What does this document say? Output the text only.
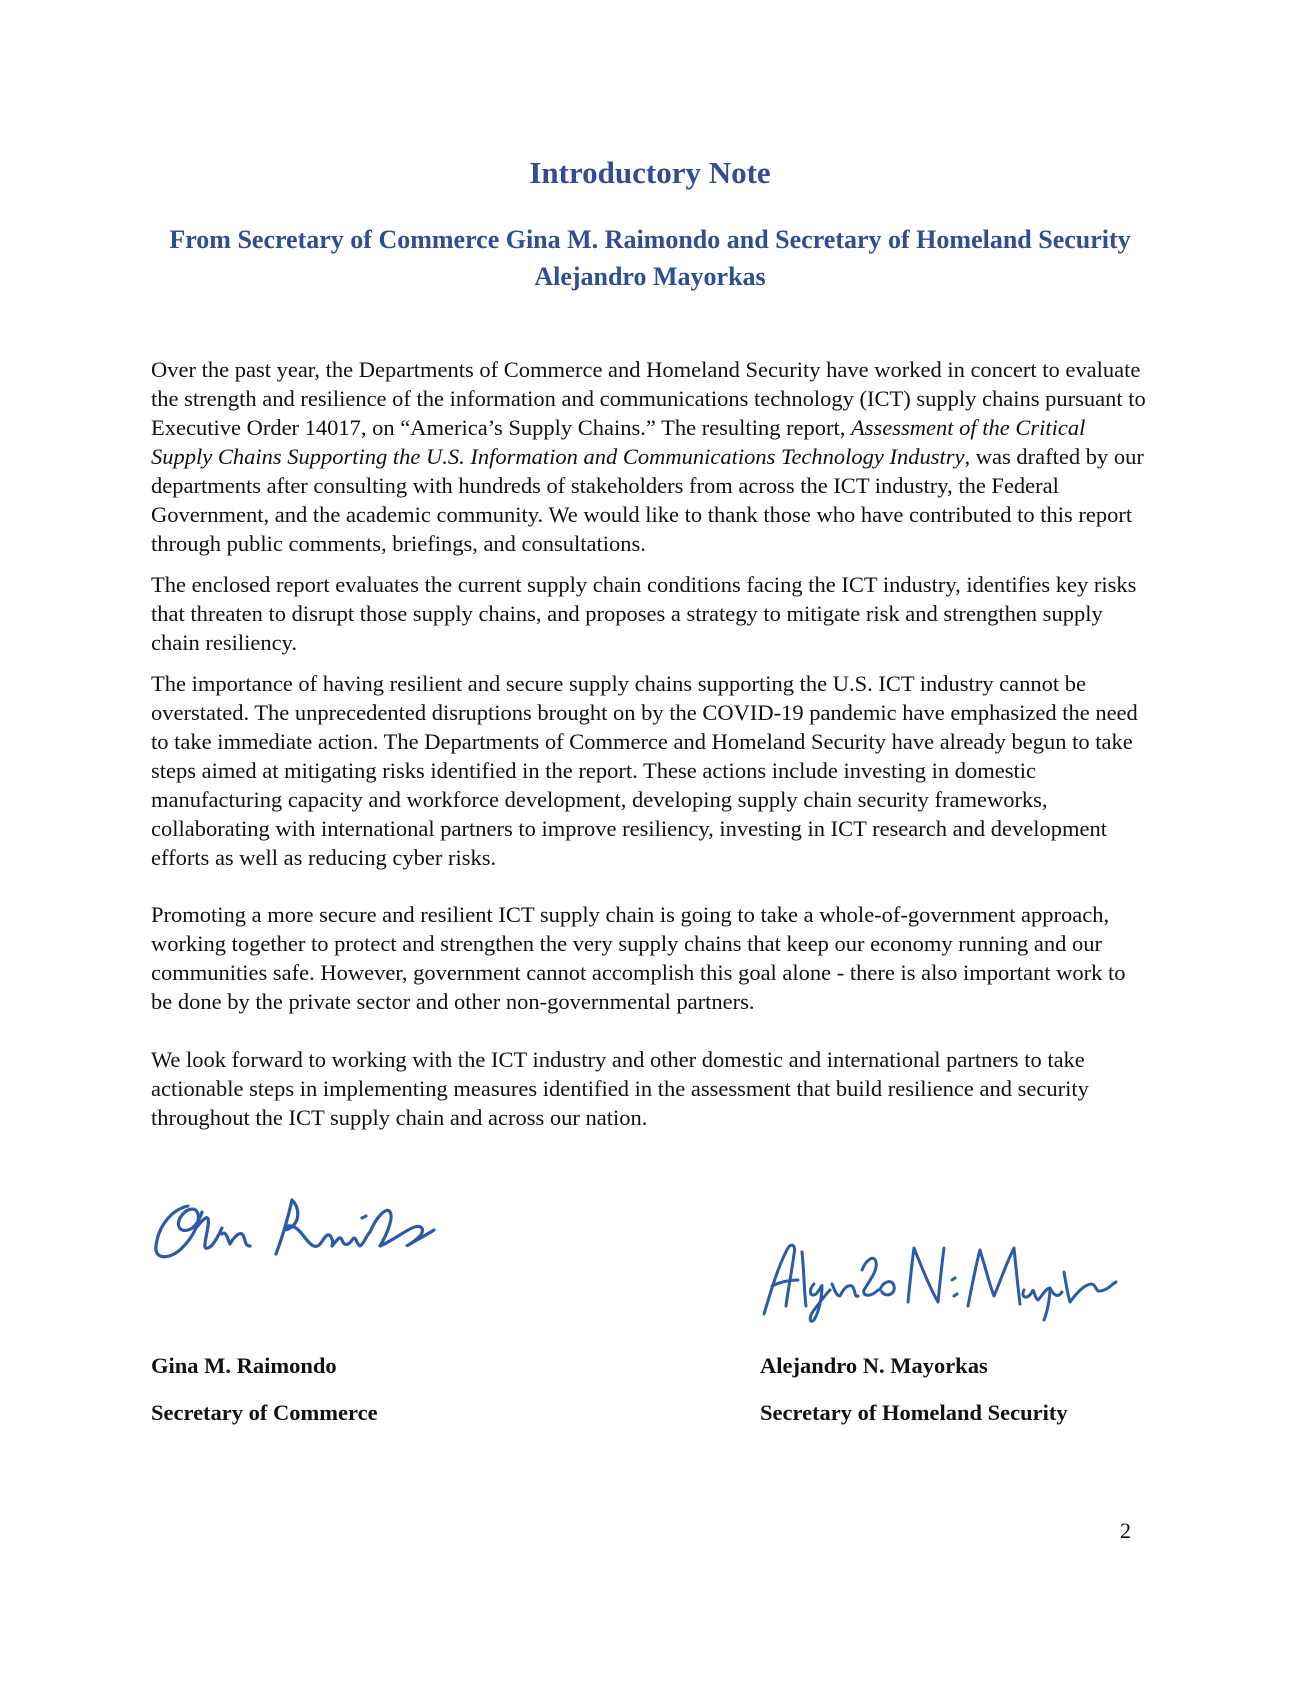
Introductory Note
From Secretary of Commerce Gina M. Raimondo and Secretary of Homeland Security Alejandro Mayorkas

Over the past year, the Departments of Commerce and Homeland Security have worked in concert to evaluate the strength and resilience of the information and communications technology (ICT) supply chains pursuant to Executive Order 14017, on “America’s Supply Chains.” The resulting report, Assessment of the Critical Supply Chains Supporting the U.S. Information and Communications Technology Industry, was drafted by our departments after consulting with hundreds of stakeholders from across the ICT industry, the Federal Government, and the academic community. We would like to thank those who have contributed to this report through public comments, briefings, and consultations.

The enclosed report evaluates the current supply chain conditions facing the ICT industry, identifies key risks that threaten to disrupt those supply chains, and proposes a strategy to mitigate risk and strengthen supply chain resiliency.

The importance of having resilient and secure supply chains supporting the U.S. ICT industry cannot be overstated. The unprecedented disruptions brought on by the COVID-19 pandemic have emphasized the need to take immediate action. The Departments of Commerce and Homeland Security have already begun to take steps aimed at mitigating risks identified in the report. These actions include investing in domestic manufacturing capacity and workforce development, developing supply chain security frameworks, collaborating with international partners to improve resiliency, investing in ICT research and development efforts as well as reducing cyber risks.

Promoting a more secure and resilient ICT supply chain is going to take a whole-of-government approach, working together to protect and strengthen the very supply chains that keep our economy running and our communities safe. However, government cannot accomplish this goal alone - there is also important work to be done by the private sector and other non-governmental partners.

We look forward to working with the ICT industry and other domestic and international partners to take actionable steps in implementing measures identified in the assessment that build resilience and security throughout the ICT supply chain and across our nation.

Gina M. Raimondo

Secretary of Commerce

Alejandro N. Mayorkas

Secretary of Homeland Security

2
